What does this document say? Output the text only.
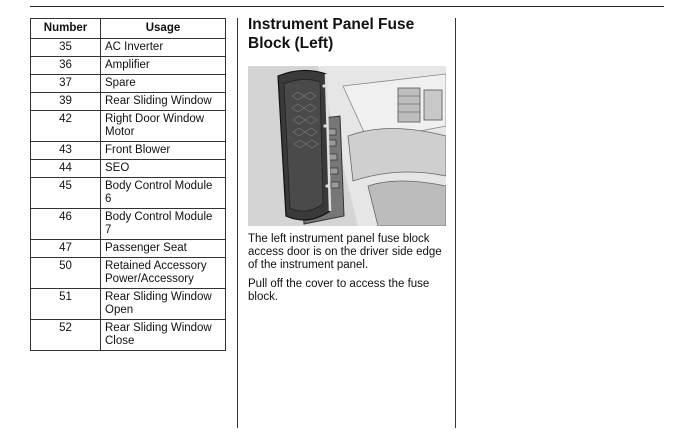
Number	Usage
35	AC Inverter
36	Amplifier
37	Spare
39	Rear Sliding Window
42	Right Door Window Motor
43	Front Blower
44	SEO
45	Body Control Module 6
46	Body Control Module 7
47	Passenger Seat
50	Retained Accessory Power/Accessory
51	Rear Sliding Window Open
52	Rear Sliding Window Close
Instrument Panel Fuse Block (Left)

The left instrument panel fuse block access door is on the driver side edge of the instrument panel.

Pull off the cover to access the fuse block.
